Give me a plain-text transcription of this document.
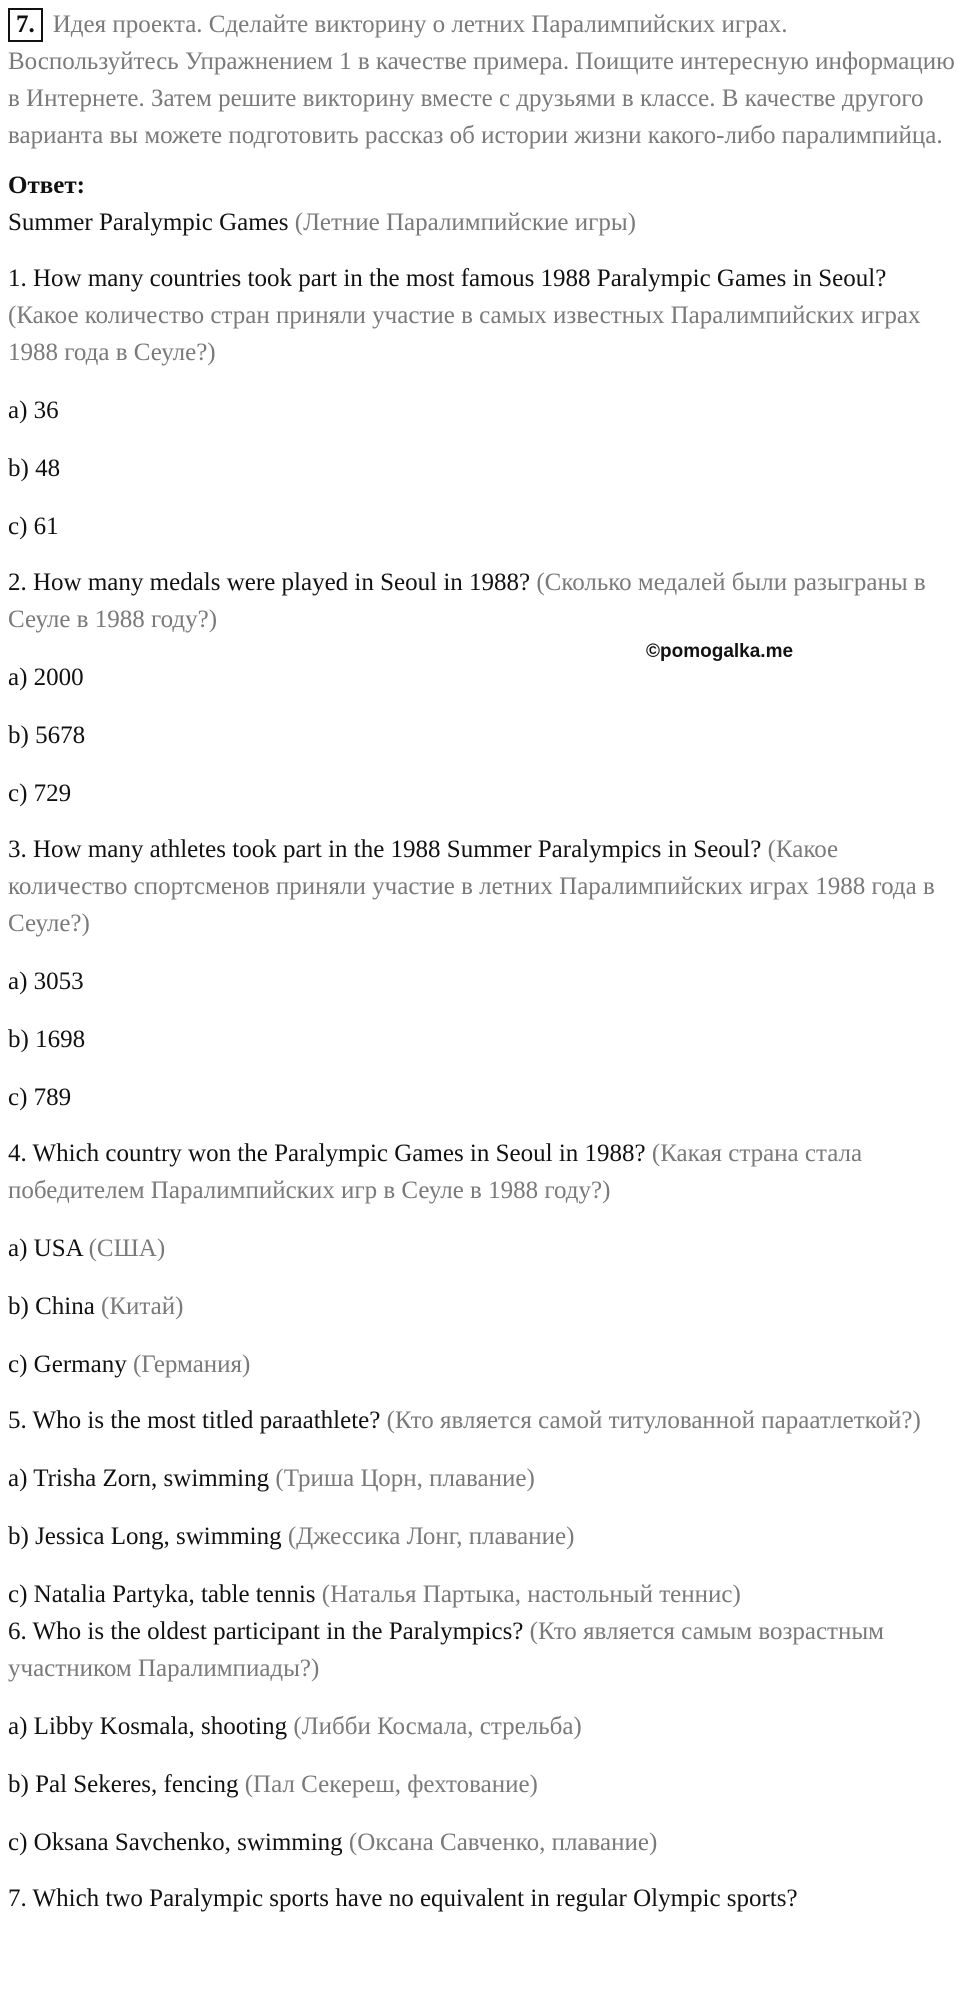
7. Идея проекта. Сделайте викторину о летних Паралимпийских играх. Воспользуйтесь Упражнением 1 в качестве примера. Поищите интересную информацию в Интернете. Затем решите викторину вместе с друзьями в классе. В качестве другого варианта вы можете подготовить рассказ об истории жизни какого-либо паралимпийца.

Ответ:
Summer Paralympic Games (Летние Паралимпийские игры)
1. How many countries took part in the most famous 1988 Paralympic Games in Seoul? (Какое количество стран приняли участие в самых известных Паралимпийских играх 1988 года в Сеуле?)
a) 36
b) 48
c) 61
2. How many medals were played in Seoul in 1988? (Сколько медалей были разыграны в Сеуле в 1988 году?)
a) 2000
b) 5678
c) 729
3. How many athletes took part in the 1988 Summer Paralympics in Seoul? (Какое количество спортсменов приняли участие в летних Паралимпийских играх 1988 года в Сеуле?)
a) 3053
b) 1698
c) 789
4. Which country won the Paralympic Games in Seoul in 1988? (Какая страна стала победителем Паралимпийских игр в Сеуле в 1988 году?)
a) USA (США)
b) China (Китай)
c) Germany (Германия)
5. Who is the most titled paraathlete? (Кто является самой титулованной параатлеткой?)
a) Trisha Zorn, swimming (Триша Цорн, плавание)
b) Jessica Long, swimming (Джессика Лонг, плавание)
c) Natalia Partyka, table tennis (Наталья Партыка, настольный теннис)
6. Who is the oldest participant in the Paralympics? (Кто является самым возрастным участником Паралимпиады?)
a) Libby Kosmala, shooting (Либби Космала, стрельба)
b) Pal Sekeres, fencing (Пал Секереш, фехтование)
c) Oksana Savchenko, swimming (Оксана Савченко, плавание)
7. Which two Paralympic sports have no equivalent in regular Olympic sports?
©pomogalka.me
